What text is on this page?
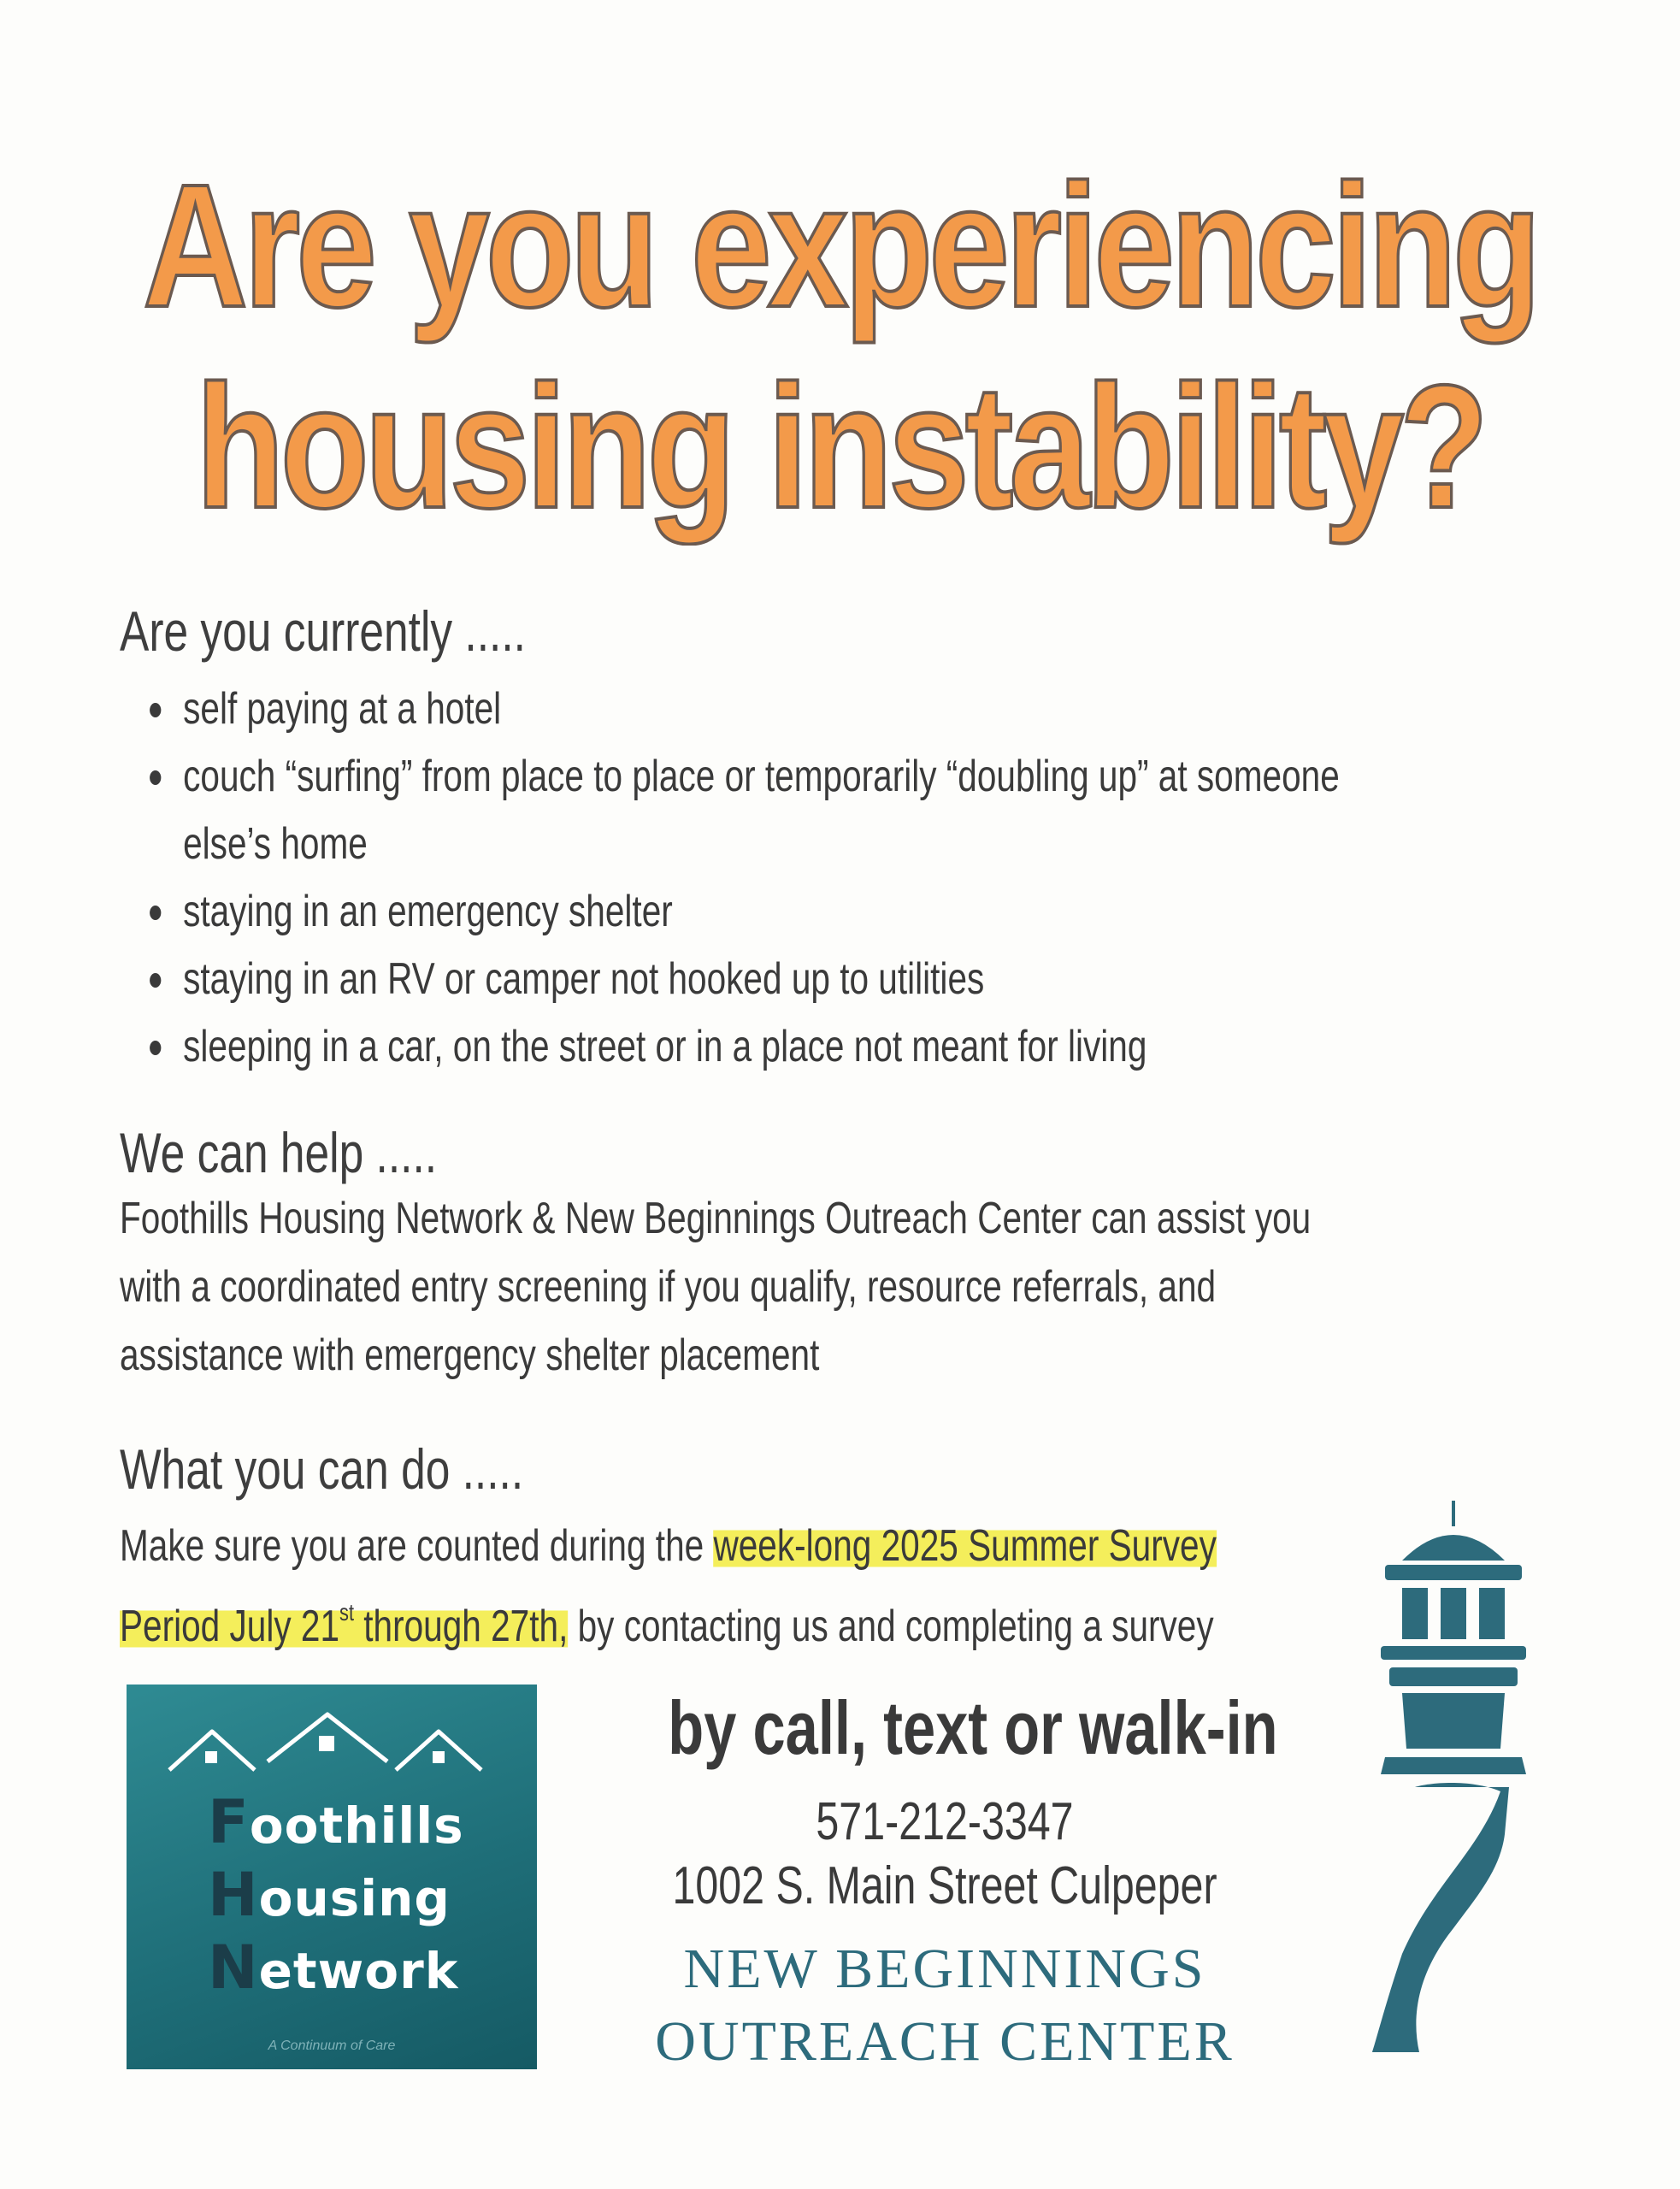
Are you experiencing
housing instability?
Are you currently .....
self paying at a hotel
couch “surfing” from place to place or temporarily “doubling up” at someone
else’s home
staying in an emergency shelter
staying in an RV or camper not hooked up to utilities
sleeping in a car, on the street or in a place not meant for living
We can help .....
Foothills Housing Network & New Beginnings Outreach Center can assist you
with a coordinated entry screening if you qualify, resource referrals, and
assistance with emergency shelter placement
What you can do .....
Make sure you are counted during the week-long 2025 Summer Survey
Period July 21st through 27th, by contacting us and completing a survey
Foothills
Housing
Network
A Continuum of Care
by call, text or walk-in
571-212-3347
1002 S. Main Street Culpeper
NEW BEGINNINGS
OUTREACH CENTER
